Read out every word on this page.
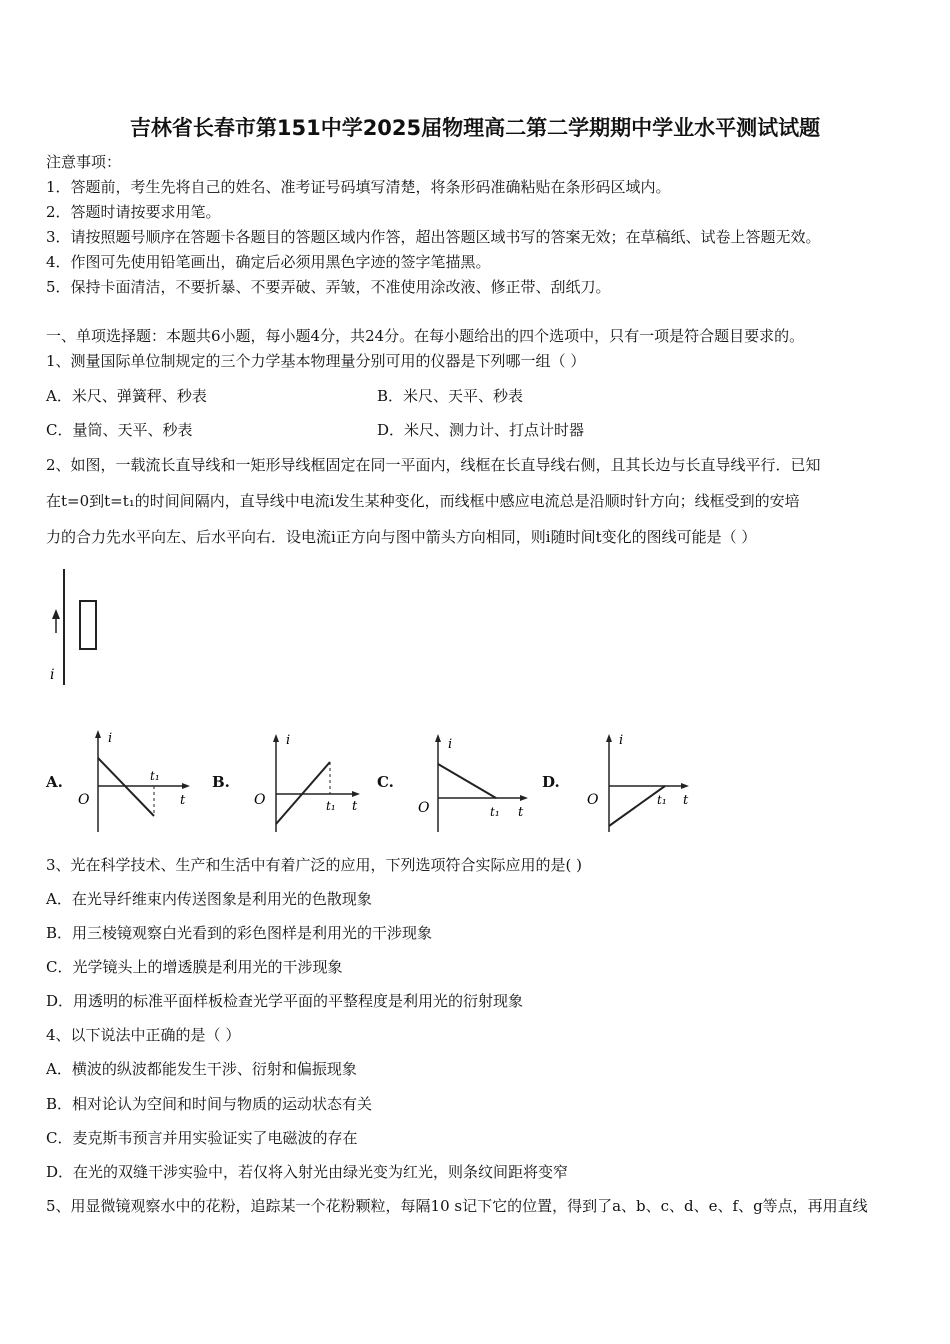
吉林省长春市第151中学2025届物理高二第二学期期中学业水平测试试题
注意事项：
1．答题前，考生先将自己的姓名、准考证号码填写清楚，将条形码准确粘贴在条形码区域内。
2．答题时请按要求用笔。
3．请按照题号顺序在答题卡各题目的答题区域内作答，超出答题区域书写的答案无效；在草稿纸、试卷上答题无效。
4．作图可先使用铅笔画出，确定后必须用黑色字迹的签字笔描黑。
5．保持卡面清洁，不要折暴、不要弄破、弄皱，不准使用涂改液、修正带、刮纸刀。
一、单项选择题：本题共6小题，每小题4分，共24分。在每小题给出的四个选项中，只有一项是符合题目要求的。
1、测量国际单位制规定的三个力学基本物理量分别可用的仪器是下列哪一组（ ）
A．米尺、弹簧秤、秒表	B．米尺、天平、秒表
C．量筒、天平、秒表	D．米尺、测力计、打点计时器
2、如图，一载流长直导线和一矩形导线框固定在同一平面内，线框在长直导线右侧，且其长边与长直导线平行．已知
在t=0到t=t₁的时间间隔内，直导线中电流i发生某种变化，而线框中感应电流总是沿顺时针方向；线框受到的安培
力的合力先水平向左、后水平向右．设电流i正方向与图中箭头方向相同，则i随时间t变化的图线可能是（ ）
i
A.
i
O
t₁
t
B.
i
O	t₁ t
C.
i
O	t₁ t
D.
i
O	t₁ t
3、光在科学技术、生产和生活中有着广泛的应用，下列选项符合实际应用的是( )
A．在光导纤维束内传送图象是利用光的色散现象
B．用三棱镜观察白光看到的彩色图样是利用光的干涉现象
C．光学镜头上的增透膜是利用光的干涉现象
D．用透明的标准平面样板检查光学平面的平整程度是利用光的衍射现象
4、以下说法中正确的是（ ）
A．横波的纵波都能发生干涉、衍射和偏振现象
B．相对论认为空间和时间与物质的运动状态有关
C．麦克斯韦预言并用实验证实了电磁波的存在
D．在光的双缝干涉实验中，若仅将入射光由绿光变为红光，则条纹间距将变窄
5、用显微镜观察水中的花粉，追踪某一个花粉颗粒，每隔10 s记下它的位置，得到了a、b、c、d、e、f、g等点，再用直线
